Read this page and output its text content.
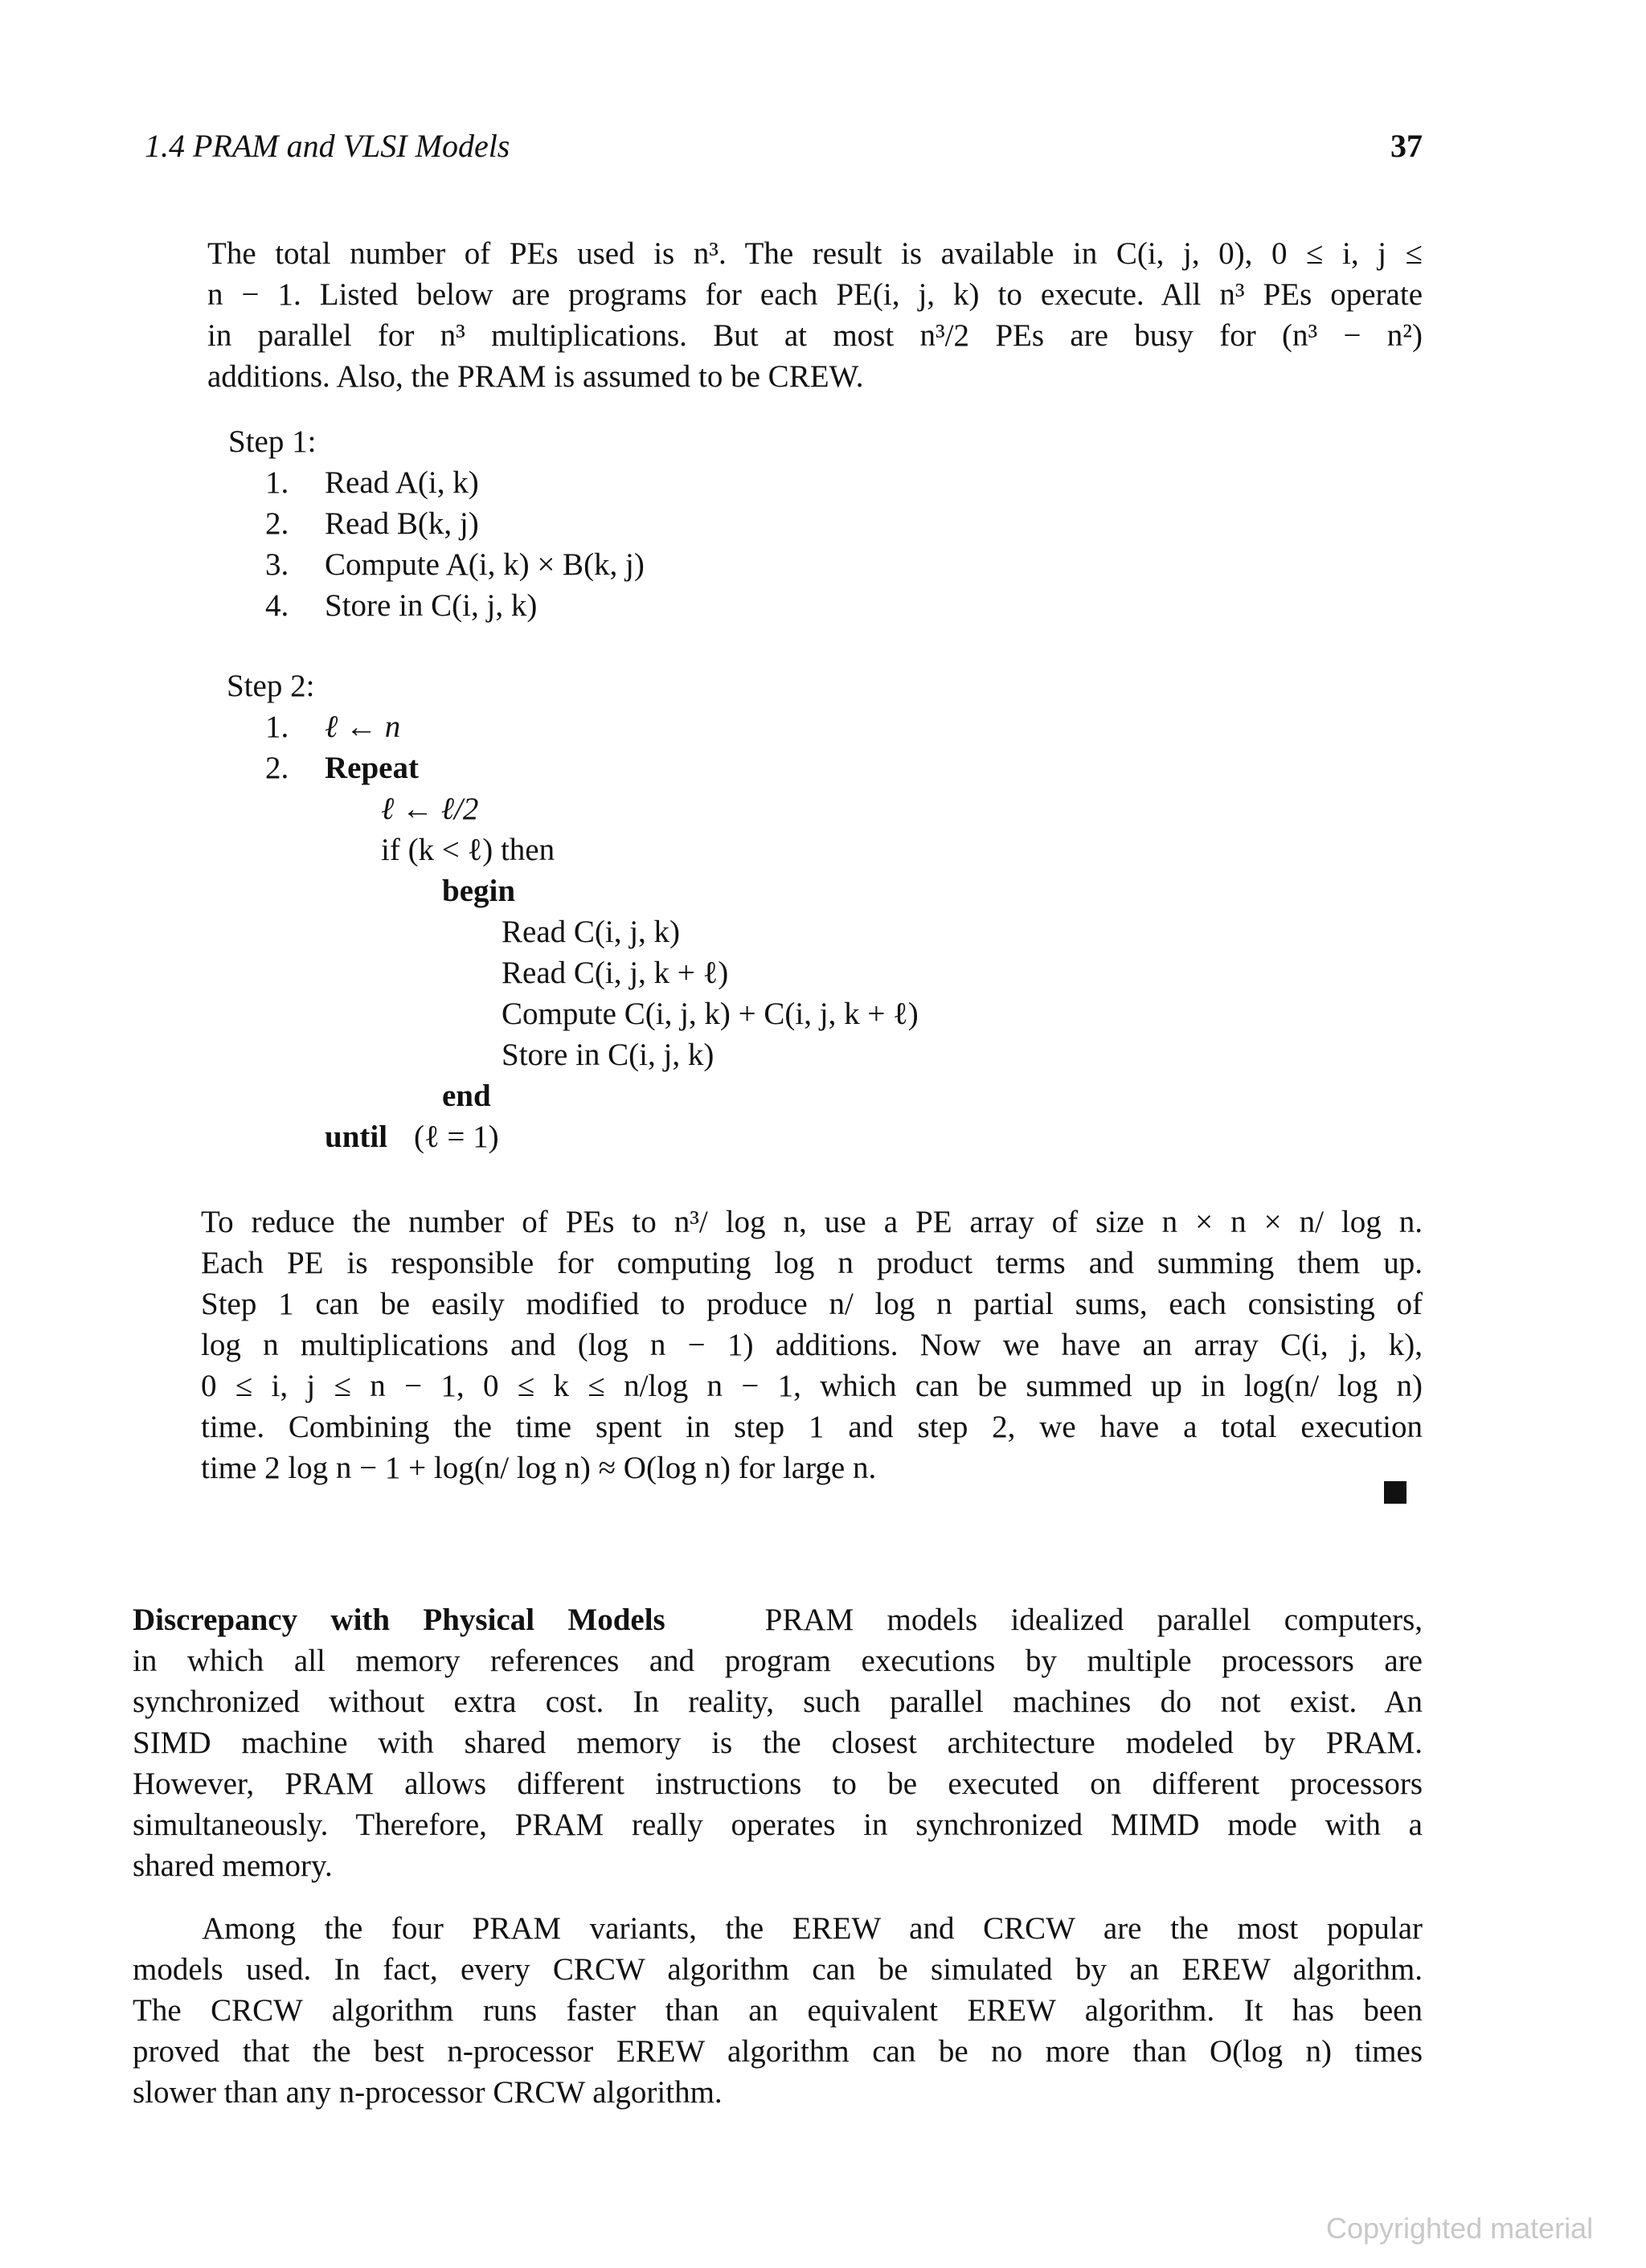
1.4 PRAM and VLSI Models	37
The total number of PEs used is n³. The result is available in C(i, j, 0), 0 ≤ i, j ≤
n − 1. Listed below are programs for each PE(i, j, k) to execute. All n³ PEs operate
in parallel for n³ multiplications. But at most n³/2 PEs are busy for (n³ − n²)
additions. Also, the PRAM is assumed to be CREW.
Step 1:
1. Read A(i, k)
2. Read B(k, j)
3. Compute A(i, k) × B(k, j)
4. Store in C(i, j, k)
Step 2:
1. ℓ ← n
2. Repeat
ℓ ← ℓ/2
if (k < ℓ) then
begin
Read C(i, j, k)
Read C(i, j, k + ℓ)
Compute C(i, j, k) + C(i, j, k + ℓ)
Store in C(i, j, k)
end
until (ℓ = 1)
To reduce the number of PEs to n³/ log n, use a PE array of size n × n × n/ log n.
Each PE is responsible for computing log n product terms and summing them up.
Step 1 can be easily modified to produce n/ log n partial sums, each consisting of
log n multiplications and (log n − 1) additions. Now we have an array C(i, j, k),
0 ≤ i, j ≤ n − 1, 0 ≤ k ≤ n/log n − 1, which can be summed up in log(n/ log n)
time. Combining the time spent in step 1 and step 2, we have a total execution
time 2 log n − 1 + log(n/ log n) ≈ O(log n) for large n.
Discrepancy with Physical Models	PRAM models idealized parallel computers,
in which all memory references and program executions by multiple processors are
synchronized without extra cost. In reality, such parallel machines do not exist. An
SIMD machine with shared memory is the closest architecture modeled by PRAM.
However, PRAM allows different instructions to be executed on different processors
simultaneously. Therefore, PRAM really operates in synchronized MIMD mode with a
shared memory.
Among the four PRAM variants, the EREW and CRCW are the most popular
models used. In fact, every CRCW algorithm can be simulated by an EREW algorithm.
The CRCW algorithm runs faster than an equivalent EREW algorithm. It has been
proved that the best n-processor EREW algorithm can be no more than O(log n) times
slower than any n-processor CRCW algorithm.
Copyrighted material
